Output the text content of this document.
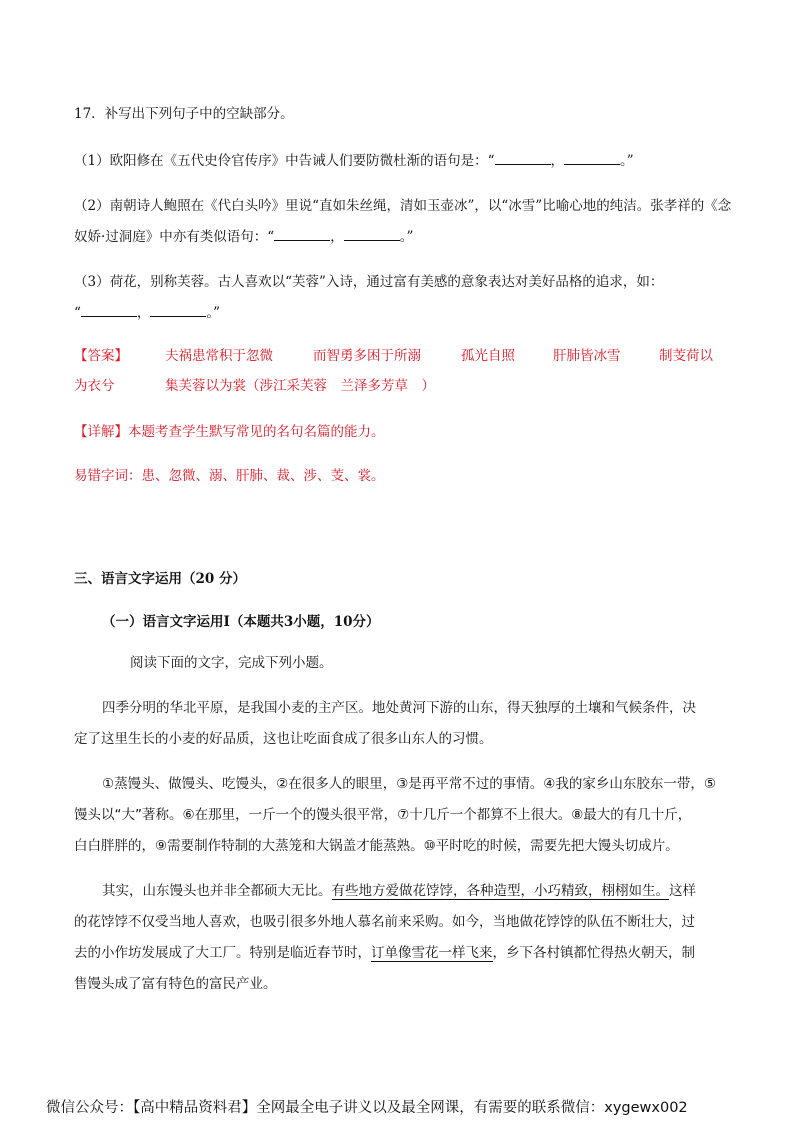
17．补写出下列句子中的空缺部分。
（1）欧阳修在《五代史伶官传序》中告诫人们要防微杜渐的语句是：“	，	。”
（2）南朝诗人鲍照在《代白头吟》里说“直如朱丝绳，清如玉壶冰”，以“冰雪”比喻心地的纯洁。张孝祥的《念
奴娇·过洞庭》中亦有类似语句：“	，	。”
（3）荷花，别称芙蓉。古人喜欢以“芙蓉”入诗，通过富有美感的意象表达对美好品格的追求，如：
“	，	。”
【答案】	夫祸患常积于忽微	而智勇多困于所溺	孤光自照	肝肺皆冰雪	制芰荷以
为衣兮	集芙蓉以为裳（涉江采芙蓉　兰泽多芳草　）
【详解】本题考查学生默写常见的名句名篇的能力。
易错字词：患、忽微、溺、肝肺、裁、涉、芰、裳。
三、语言文字运用（20 分）
（一）语言文字运用Ⅰ（本题共3小题，10分）
阅读下面的文字，完成下列小题。
四季分明的华北平原，是我国小麦的主产区。地处黄河下游的山东，得天独厚的土壤和气候条件，决
定了这里生长的小麦的好品质，这也让吃面食成了很多山东人的习惯。
①蒸馒头、做馒头、吃馒头，②在很多人的眼里，③是再平常不过的事情。④我的家乡山东胶东一带，⑤
馒头以“大”著称。⑥在那里，一斤一个的馒头很平常，⑦十几斤一个都算不上很大。⑧最大的有几十斤，
白白胖胖的，⑨需要制作特制的大蒸笼和大锅盖才能蒸熟。⑩平时吃的时候，需要先把大馒头切成片。
其实，山东馒头也并非全都硕大无比。有些地方爱做花饽饽，各种造型，小巧精致，栩栩如生。这样
的花饽饽不仅受当地人喜欢，也吸引很多外地人慕名前来采购。如今，当地做花饽饽的队伍不断壮大，过
去的小作坊发展成了大工厂。特别是临近春节时，订单像雪花一样飞来，乡下各村镇都忙得热火朝天，制
售馒头成了富有特色的富民产业。
微信公众号：【高中精品资料君】全网最全电子讲义以及最全网课，有需要的联系微信：xygewx002
